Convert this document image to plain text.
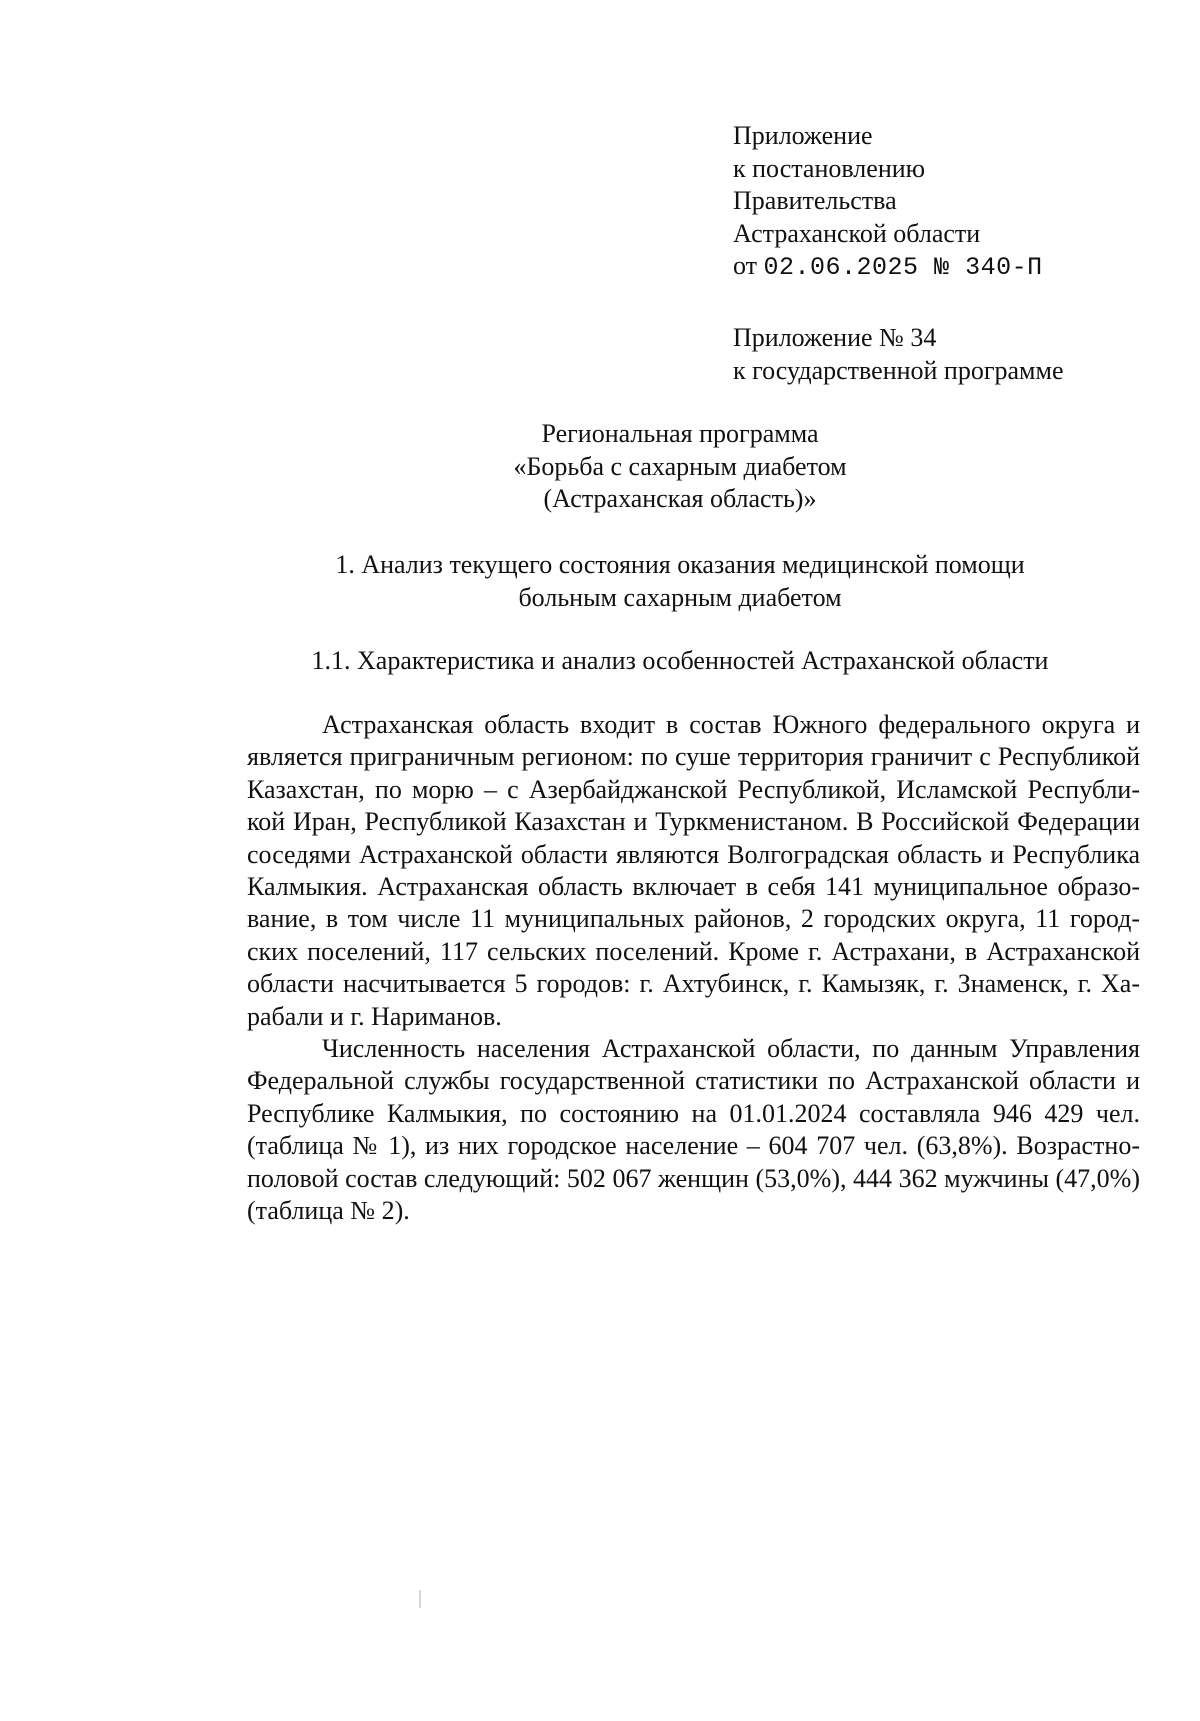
Приложение
к постановлению
Правительства
Астраханской области
от 02.06.2025 № 340-П
Приложение № 34
к государственной программе
Региональная программа
«Борьба с сахарным диабетом
(Астраханская область)»
1. Анализ текущего состояния оказания медицинской помощи
больным сахарным диабетом
1.1. Характеристика и анализ особенностей Астраханской области
Астраханская область входит в состав Южного федерального округа и
является приграничным регионом: по суше территория граничит с Республикой
Казахстан, по морю – с Азербайджанской Республикой, Исламской Республи-
кой Иран, Республикой Казахстан и Туркменистаном. В Российской Федерации
соседями Астраханской области являются Волгоградская область и Республика
Калмыкия. Астраханская область включает в себя 141 муниципальное образо-
вание, в том числе 11 муниципальных районов, 2 городских округа, 11 город-
ских поселений, 117 сельских поселений. Кроме г. Астрахани, в Астраханской
области насчитывается 5 городов: г. Ахтубинск, г. Камызяк, г. Знаменск, г. Ха-
рабали и г. Нариманов.
Численность населения Астраханской области, по данным Управления
Федеральной службы государственной статистики по Астраханской области и
Республике Калмыкия, по состоянию на 01.01.2024 составляла 946 429 чел.
(таблица № 1), из них городское население – 604 707 чел. (63,8%). Возрастно-
половой состав следующий: 502 067 женщин (53,0%), 444 362 мужчины (47,0%)
(таблица № 2).
